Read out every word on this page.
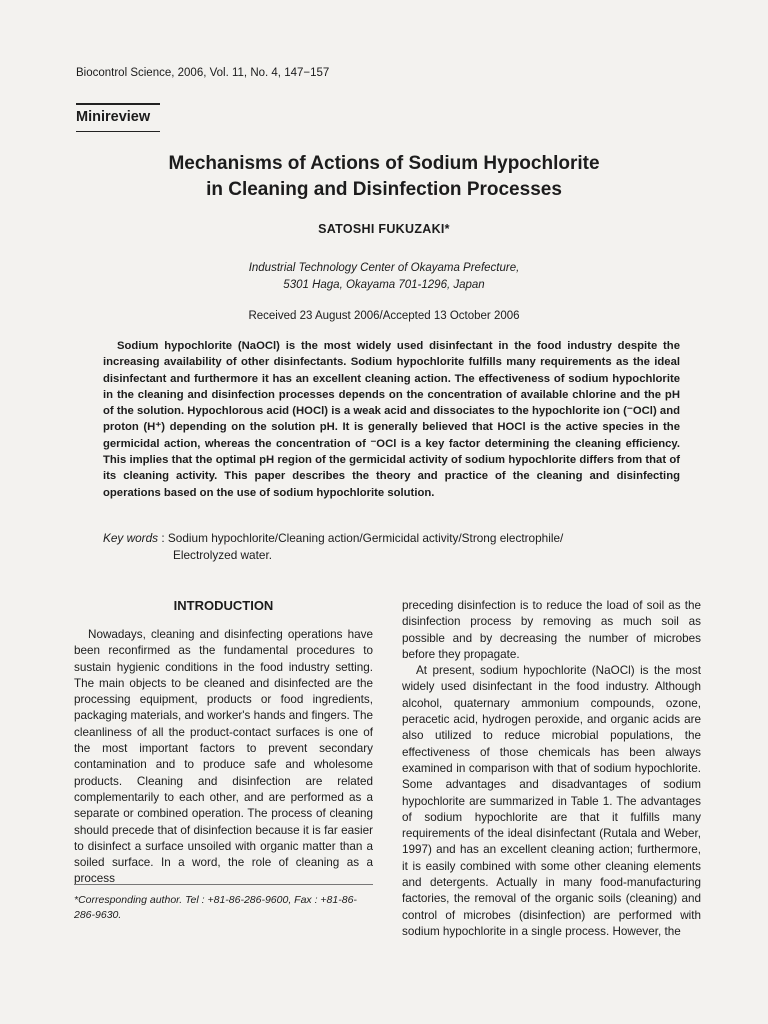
Biocontrol Science, 2006, Vol. 11, No. 4, 147−157
Minireview
Mechanisms of Actions of Sodium Hypochlorite
in Cleaning and Disinfection Processes
SATOSHI FUKUZAKI*
Industrial Technology Center of Okayama Prefecture,
5301 Haga, Okayama 701-1296, Japan
Received 23 August 2006/Accepted 13 October 2006
Sodium hypochlorite (NaOCl) is the most widely used disinfectant in the food industry despite the increasing availability of other disinfectants. Sodium hypochlorite fulfills many requirements as the ideal disinfectant and furthermore it has an excellent cleaning action. The effectiveness of sodium hypochlorite in the cleaning and disinfection processes depends on the concentration of available chlorine and the pH of the solution. Hypochlorous acid (HOCl) is a weak acid and dissociates to the hypochlorite ion (⁻OCl) and proton (H⁺) depending on the solution pH. It is generally believed that HOCl is the active species in the germicidal action, whereas the concentration of ⁻OCl is a key factor determining the cleaning efficiency. This implies that the optimal pH region of the germicidal activity of sodium hypochlorite differs from that of its cleaning activity. This paper describes the theory and practice of the cleaning and disinfecting operations based on the use of sodium hypochlorite solution.
Key words : Sodium hypochlorite/Cleaning action/Germicidal activity/Strong electrophile/
Electrolyzed water.
INTRODUCTION

Nowadays, cleaning and disinfecting operations have been reconfirmed as the fundamental procedures to sustain hygienic conditions in the food industry setting. The main objects to be cleaned and disinfected are the processing equipment, products or food ingredients, packaging materials, and worker's hands and fingers. The cleanliness of all the product-contact surfaces is one of the most important factors to prevent secondary contamination and to produce safe and wholesome products. Cleaning and disinfection are related complementarily to each other, and are performed as a separate or combined operation. The process of cleaning should precede that of disinfection because it is far easier to disinfect a surface unsoiled with organic matter than a soiled surface. In a word, the role of cleaning as a process

*Corresponding author. Tel : +81-86-286-9600, Fax : +81-86-286-9630.

preceding disinfection is to reduce the load of soil as the disinfection process by removing as much soil as possible and by decreasing the number of microbes before they propagate.

At present, sodium hypochlorite (NaOCl) is the most widely used disinfectant in the food industry. Although alcohol, quaternary ammonium compounds, ozone, peracetic acid, hydrogen peroxide, and organic acids are also utilized to reduce microbial populations, the effectiveness of those chemicals has been always examined in comparison with that of sodium hypochlorite. Some advantages and disadvantages of sodium hypochlorite are summarized in Table 1. The advantages of sodium hypochlorite are that it fulfills many requirements of the ideal disinfectant (Rutala and Weber, 1997) and has an excellent cleaning action; furthermore, it is easily combined with some other cleaning elements and detergents. Actually in many food-manufacturing factories, the removal of the organic soils (cleaning) and control of microbes (disinfection) are performed with sodium hypochlorite in a single process. However, the
